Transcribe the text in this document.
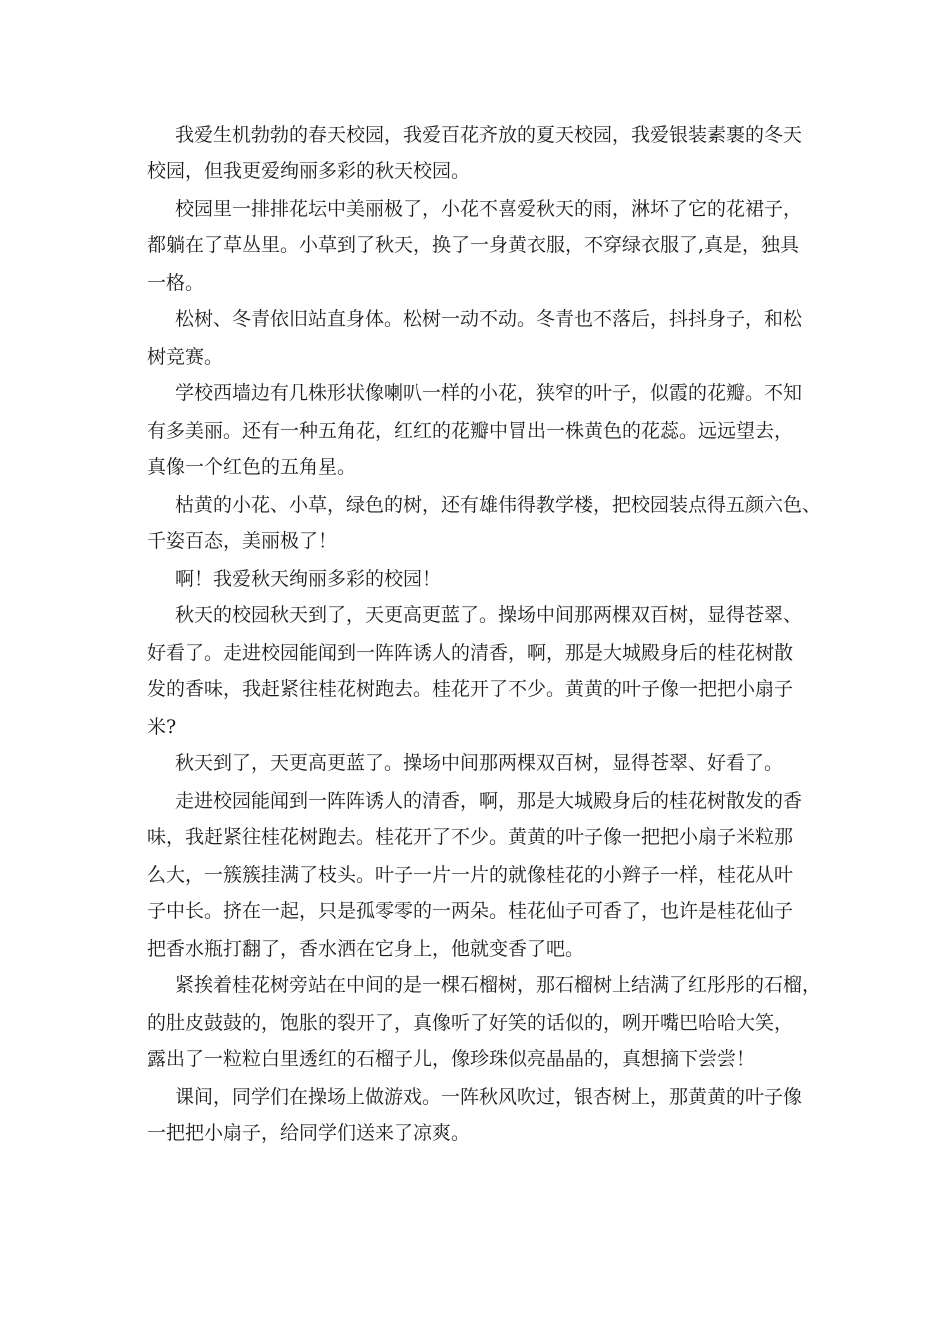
我爱生机勃勃的春天校园，我爱百花齐放的夏天校园，我爱银装素裹的冬天
校园，但我更爱绚丽多彩的秋天校园。
校园里一排排花坛中美丽极了，小花不喜爱秋天的雨，淋坏了它的花裙子，
都躺在了草丛里。小草到了秋天，换了一身黄衣服，不穿绿衣服了,真是，独具
一格。
松树、冬青依旧站直身体。松树一动不动。冬青也不落后，抖抖身子，和松
树竞赛。
学校西墙边有几株形状像喇叭一样的小花，狭窄的叶子，似霞的花瓣。不知
有多美丽。还有一种五角花，红红的花瓣中冒出一株黄色的花蕊。远远望去，
真像一个红色的五角星。
枯黄的小花、小草，绿色的树，还有雄伟得教学楼，把校园装点得五颜六色、
千姿百态，美丽极了！
啊！我爱秋天绚丽多彩的校园！
秋天的校园秋天到了，天更高更蓝了。操场中间那两棵双百树，显得苍翠、
好看了。走进校园能闻到一阵阵诱人的清香，啊，那是大城殿身后的桂花树散
发的香味，我赶紧往桂花树跑去。桂花开了不少。黄黄的叶子像一把把小扇子
米?
秋天到了，天更高更蓝了。操场中间那两棵双百树，显得苍翠、好看了。
走进校园能闻到一阵阵诱人的清香，啊，那是大城殿身后的桂花树散发的香
味，我赶紧往桂花树跑去。桂花开了不少。黄黄的叶子像一把把小扇子米粒那
么大，一簇簇挂满了枝头。叶子一片一片的就像桂花的小辫子一样，桂花从叶
子中长。挤在一起，只是孤零零的一两朵。桂花仙子可香了，也许是桂花仙子
把香水瓶打翻了，香水洒在它身上，他就变香了吧。
紧挨着桂花树旁站在中间的是一棵石榴树，那石榴树上结满了红彤彤的石榴，
的肚皮鼓鼓的，饱胀的裂开了，真像听了好笑的话似的，咧开嘴巴哈哈大笑，
露出了一粒粒白里透红的石榴子儿，像珍珠似亮晶晶的，真想摘下尝尝！
课间，同学们在操场上做游戏。一阵秋风吹过，银杏树上，那黄黄的叶子像
一把把小扇子，给同学们送来了凉爽。
